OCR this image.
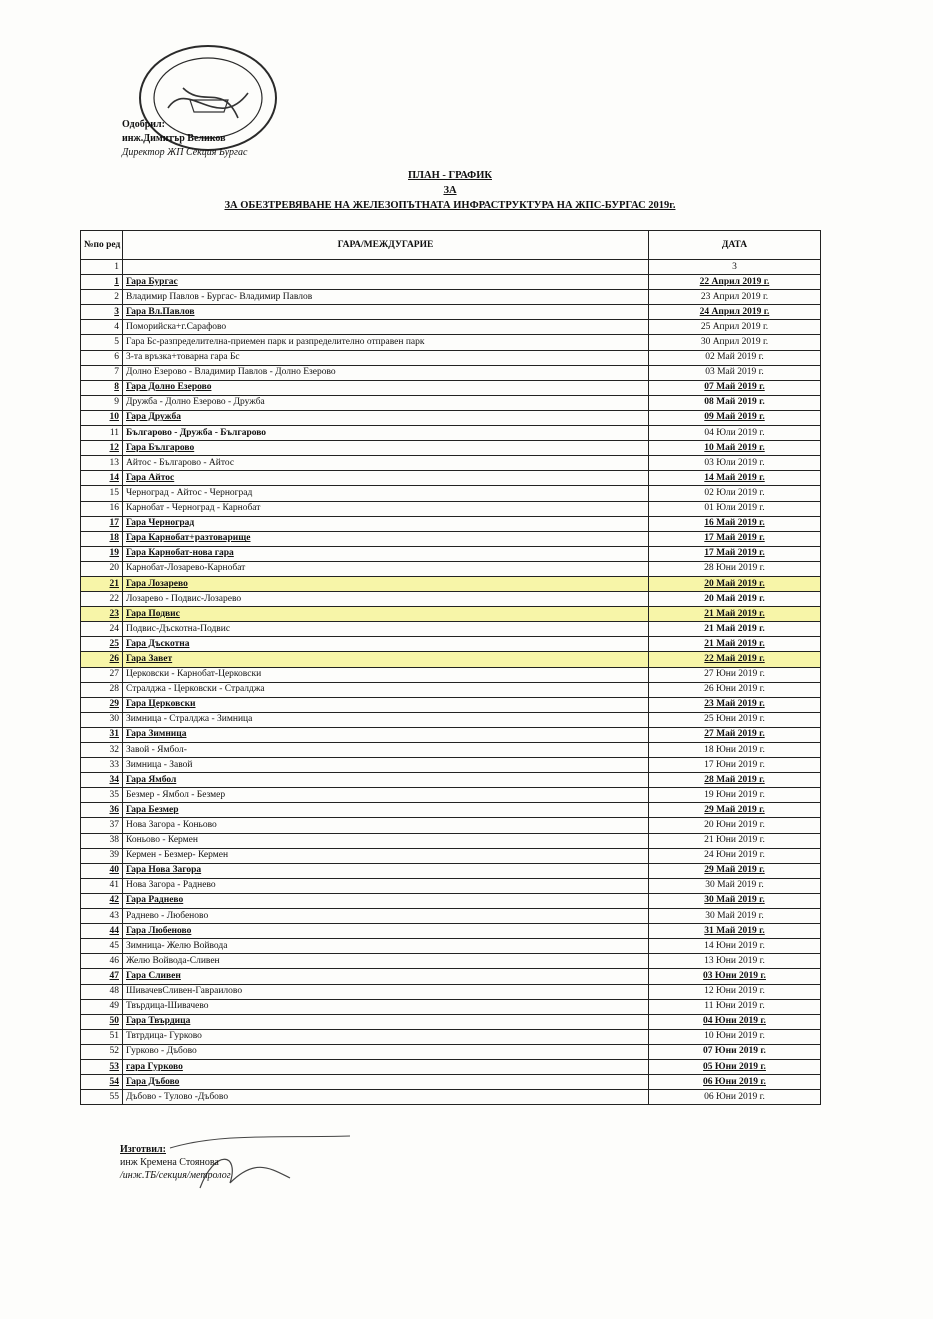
Одобрил:
инж.Димитър Великов
Директор ЖП Секция Бургас
ПЛАН - ГРАФИК
ЗА
ЗА ОБЕЗТРЕВЯВАНЕ НА ЖЕЛЕЗОПЪТНАТА ИНФРАСТРУКТУРА НА ЖПС-БУРГАС 2019г.
№по ред	ГАРА/МЕЖДУГАРИЕ	ДАТА
1		3
1	Гара Бургас	22 Април 2019 г.
2	Владимир Павлов - Бургас- Владимир Павлов	23 Април 2019 г.
3	Гара Вл.Павлов	24 Април 2019 г.
4	Поморийска+г.Сарафово	25 Април 2019 г.
5	Гара Бс-разпределителна-приемен парк и разпределително отправен парк	30 Април 2019 г.
6	3-та връзка+товарна гара Бс	02 Май 2019 г.
7	Долно Езерово - Владимир Павлов - Долно Езерово	03 Май 2019 г.
8	Гара Долно Езерово	07 Май 2019 г.
9	Дружба - Долно Езерово - Дружба	08 Май 2019 г.
10	Гара Дружба	09 Май 2019 г.
11	Българово - Дружба - Българово	04 Юли 2019 г.
12	Гара Българово	10 Май 2019 г.
13	Айтос - Българово - Айтос	03 Юли 2019 г.
14	Гара Айтос	14 Май 2019 г.
15	Черноград - Айтос - Черноград	02 Юли 2019 г.
16	Карнобат - Черноград - Карнобат	01 Юли 2019 г.
17	Гара Черноград	16 Май 2019 г.
18	Гара Карнобат+разтоварище	17 Май 2019 г.
19	Гара Карнобат-нова гара	17 Май 2019 г.
20	Карнобат-Лозарево-Карнобат	28 Юни 2019 г.
21	Гара Лозарево	20 Май 2019 г.
22	Лозарево - Подвис-Лозарево	20 Май 2019 г.
23	Гара Подвис	21 Май 2019 г.
24	Подвис-Дъскотна-Подвис	21 Май 2019 г.
25	Гара Дъскотна	21 Май 2019 г.
26	Гара Завет	22 Май 2019 г.
27	Церковски - Карнобат-Церковски	27 Юни 2019 г.
28	Стралджа - Церковски - Стралджа	26 Юни 2019 г.
29	Гара Церковски	23 Май 2019 г.
30	Зимница - Стралджа - Зимница	25 Юни 2019 г.
31	Гара Зимница	27 Май 2019 г.
32	Завой - Ямбол-	18 Юни 2019 г.
33	Зимница - Завой	17 Юни 2019 г.
34	Гара Ямбол	28 Май 2019 г.
35	Безмер - Ямбол - Безмер	19 Юни 2019 г.
36	Гара Безмер	29 Май 2019 г.
37	Нова Загора - Коньово	20 Юни 2019 г.
38	Коньово - Кермен	21 Юни 2019 г.
39	Кермен - Безмер- Кермен	24 Юни 2019 г.
40	Гара Нова Загора	29 Май 2019 г.
41	Нова Загора - Раднево	30 Май 2019 г.
42	Гара Раднево	30 Май 2019 г.
43	Раднево - Любеново	30 Май 2019 г.
44	Гара Любеново	31 Май 2019 г.
45	Зимница- Желю Войвода	14 Юни 2019 г.
46	Желю Войвода-Сливен	13 Юни 2019 г.
47	Гара Сливен	03 Юни 2019 г.
48	ШивачевСливен-Гавраилово	12 Юни 2019 г.
49	Твърдица-Шивачево	11 Юни 2019 г.
50	Гара Твърдица	04 Юни 2019 г.
51	Твтрдица- Гурково	10 Юни 2019 г.
52	Гурково - Дъбово	07 Юни 2019 г.
53	гара Гурково	05 Юни 2019 г.
54	Гара Дъбово	06 Юни 2019 г.
55	Дъбово - Тулово -Дъбово	06 Юни 2019 г.
Изготвил:
инж Кремена Стоянова
/инж.ТБ/секция/метролог
